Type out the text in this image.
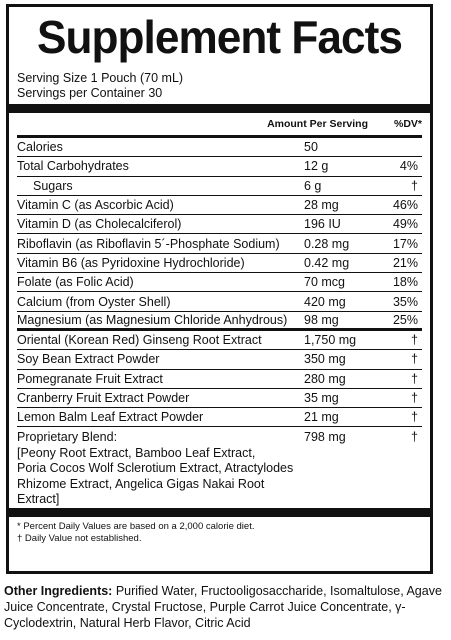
Supplement Facts
Serving Size 1 Pouch (70 mL)
Servings per Container 30
Amount Per Serving	%DV*
Calories	50
Total Carbohydrates	12 g	4%
Sugars	6 g	†
Vitamin C (as Ascorbic Acid)	28 mg	46%
Vitamin D (as Cholecalciferol)	196 IU	49%
Riboflavin (as Riboflavin 5´-Phosphate Sodium)	0.28 mg	17%
Vitamin B6 (as Pyridoxine Hydrochloride)	0.42 mg	21%
Folate (as Folic Acid)	70 mcg	18%
Calcium (from Oyster Shell)	420 mg	35%
Magnesium (as Magnesium Chloride Anhydrous)	98 mg	25%
Oriental (Korean Red) Ginseng Root Extract	1,750 mg	†
Soy Bean Extract Powder	350 mg	†
Pomegranate Fruit Extract	280 mg	†
Cranberry Fruit Extract Powder	35 mg	†
Lemon Balm Leaf Extract Powder	21 mg	†
Proprietary Blend:
[Peony Root Extract, Bamboo Leaf Extract,
Poria Cocos Wolf Sclerotium Extract, Atractylodes
Rhizome Extract, Angelica Gigas Nakai Root Extract]
798 mg	†
* Percent Daily Values are based on a 2,000 calorie diet.
† Daily Value not established.
Other Ingredients: Purified Water, Fructooligosaccharide, Isomaltulose, Agave Juice Concentrate, Crystal Fructose, Purple Carrot Juice Concentrate, γ-Cyclodextrin, Natural Herb Flavor, Citric Acid
